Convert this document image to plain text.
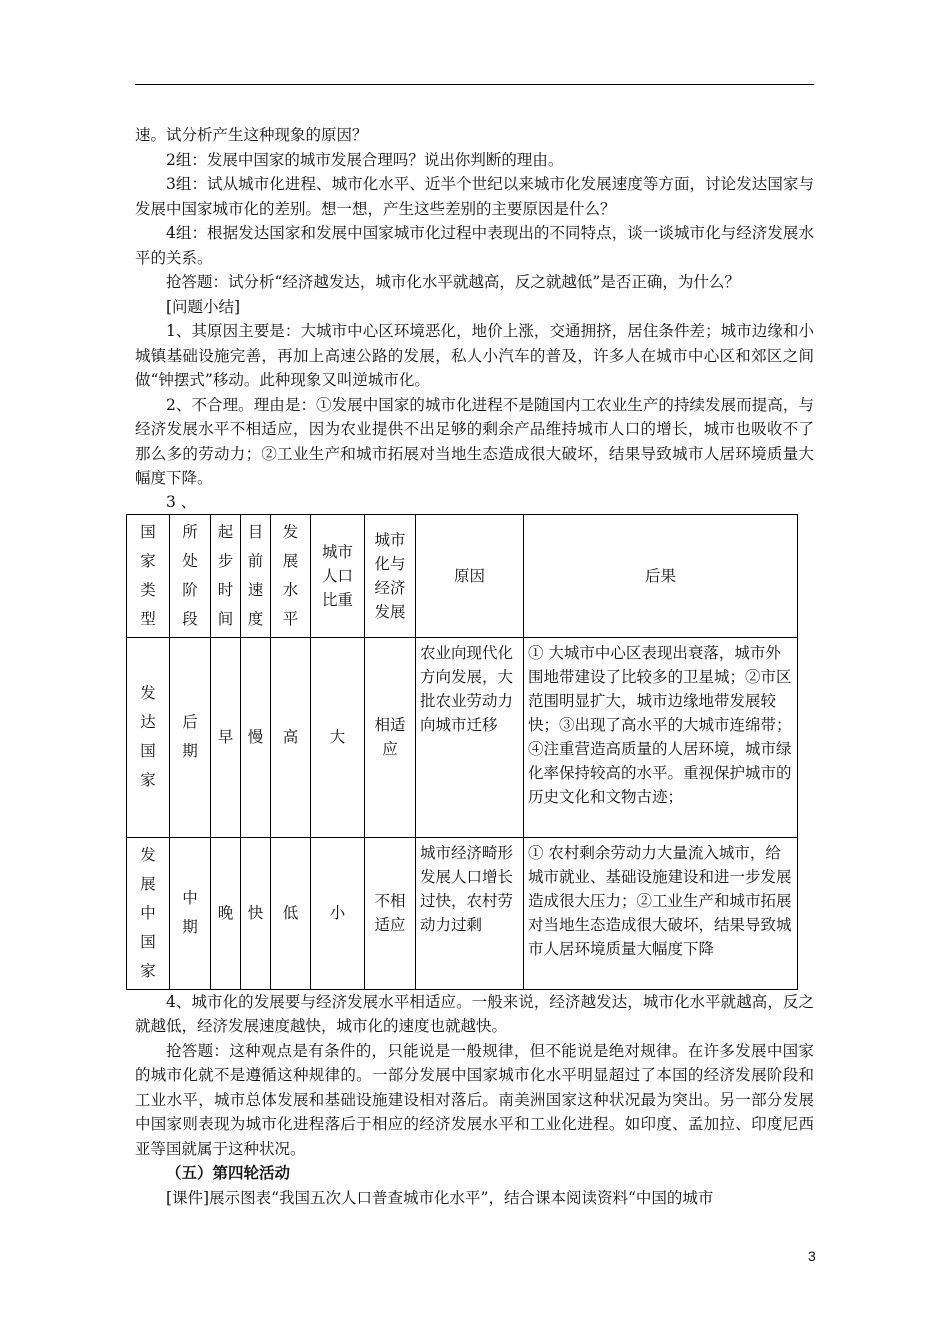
速。试分析产生这种现象的原因？

2组：发展中国家的城市发展合理吗？说出你判断的理由。

3组：试从城市化进程、城市化水平、近半个世纪以来城市化发展速度等方面，讨论发达国家与发展中国家城市化的差别。想一想，产生这些差别的主要原因是什么？

4组：根据发达国家和发展中国家城市化过程中表现出的不同特点，谈一谈城市化与经济发展水平的关系。

抢答题：试分析“经济越发达，城市化水平就越高，反之就越低”是否正确，为什么？

[问题小结]

1、其原因主要是：大城市中心区环境恶化，地价上涨，交通拥挤，居住条件差；城市边缘和小城镇基础设施完善，再加上高速公路的发展，私人小汽车的普及，许多人在城市中心区和郊区之间做“钟摆式”移动。此种现象又叫逆城市化。

2、不合理。理由是：①发展中国家的城市化进程不是随国内工农业生产的持续发展而提高，与经济发展水平不相适应，因为农业提供不出足够的剩余产品维持城市人口的增长，城市也吸收不了那么多的劳动力；②工业生产和城市拓展对当地生态造成很大破坏，结果导致城市人居环境质量大幅度下降。

3 、

国家类型	所处阶段	起步时间	目前速度	发展水平	城市人口比重	城市化与经济发展	原因	后果
发达国家	后期	早	慢	高	大	相适应	农业向现代化方向发展，大批农业劳动力向城市迁移	① 大城市中心区表现出衰落，城市外围地带建设了比较多的卫星城；②市区范围明显扩大，城市边缘地带发展较快；③出现了高水平的大城市连绵带；④注重营造高质量的人居环境，城市绿化率保持较高的水平。重视保护城市的历史文化和文物古迹；
发展中国家	中期	晚	快	低	小	不相适应	城市经济畸形发展人口增长过快，农村劳动力过剩	① 农村剩余劳动力大量流入城市，给城市就业、基础设施建设和进一步发展造成很大压力；②工业生产和城市拓展对当地生态造成很大破坏，结果导致城市人居环境质量大幅度下降

4、城市化的发展要与经济发展水平相适应。一般来说，经济越发达，城市化水平就越高，反之就越低，经济发展速度越快，城市化的速度也就越快。

抢答题：这种观点是有条件的，只能说是一般规律，但不能说是绝对规律。在许多发展中国家的城市化就不是遵循这种规律的。一部分发展中国家城市化水平明显超过了本国的经济发展阶段和工业水平，城市总体发展和基础设施建设相对落后。南美洲国家这种状况最为突出。另一部分发展中国家则表现为城市化进程落后于相应的经济发展水平和工业化进程。如印度、孟加拉、印度尼西亚等国就属于这种状况。

（五）第四轮活动

[课件]展示图表“我国五次人口普查城市化水平”，结合课本阅读资料“中国的城市

3
